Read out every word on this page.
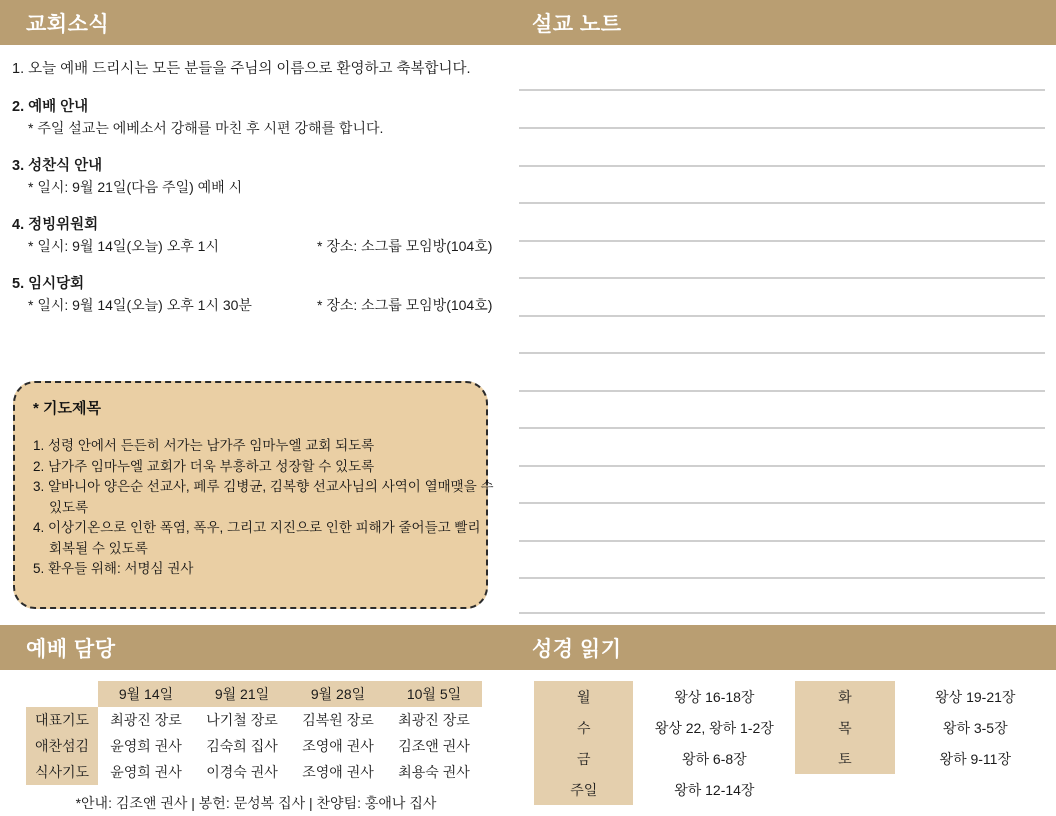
교회소식	설교 노트
1. 오늘 예배 드리시는 모든 분들을 주님의 이름으로 환영하고 축복합니다.
2. 예배 안내
* 주일 설교는 에베소서 강해를 마친 후 시편 강해를 합니다.
3. 성찬식 안내
* 일시: 9월 21일(다음 주일) 예배 시
4. 정빙위원회
* 일시: 9월 14일(오늘) 오후 1시	* 장소: 소그룹 모임방(104호)
5. 임시당회
* 일시: 9월 14일(오늘) 오후 1시 30분	* 장소: 소그룹 모임방(104호)
* 기도제목
1. 성령 안에서 든든히 서가는 남가주 임마누엘 교회 되도록
2. 남가주 임마누엘 교회가 더욱 부흥하고 성장할 수 있도록
3. 알바니아 양은순 선교사, 페루 김병균, 김복향 선교사님의 사역이 열매맺을 수
있도록
4. 이상기온으로 인한 폭염, 폭우, 그리고 지진으로 인한 피해가 줄어들고 빨리
회복될 수 있도록
5. 환우들 위해: 서명심 권사
예배 담당	성경 읽기
	9월 14일	9월 21일	9월 28일	10월 5일
대표기도	최광진 장로	나기철 장로	김복원 장로	최광진 장로
애찬섬김	윤영희 권사	김숙희 집사	조영애 권사	김조앤 권사
식사기도	윤영희 권사	이경숙 권사	조영애 권사	최용숙 권사
*안내: 김조앤 권사 | 봉헌: 문성복 집사 | 찬양팀: 홍애나 집사
월	왕상 16-18장	화	왕상 19-21장
수	왕상 22, 왕하 1-2장	목	왕하 3-5장
금	왕하 6-8장	토	왕하 9-11장
주일	왕하 12-14장		
